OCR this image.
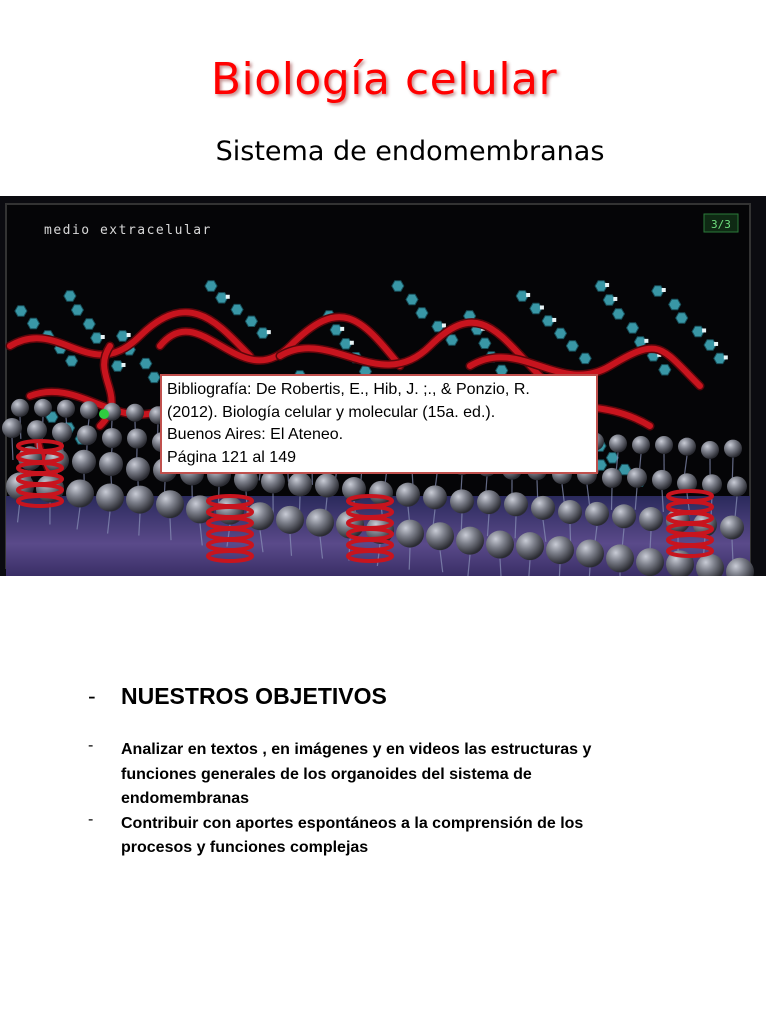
Biología celular
Sistema de endomembranas
medio extracelular	3/3
Bibliografía: De Robertis, E., Hib, J. ;., & Ponzio, R.
(2012). Biología celular y molecular (15a. ed.).
Buenos Aires: El Ateneo.
Página 121 al 149
- NUESTROS OBJETIVOS
- Analizar en textos , en imágenes y en videos las estructuras y
funciones generales de los organoides del sistema de
endomembranas
- Contribuir con aportes espontáneos a la comprensión de los
procesos y funciones complejas
